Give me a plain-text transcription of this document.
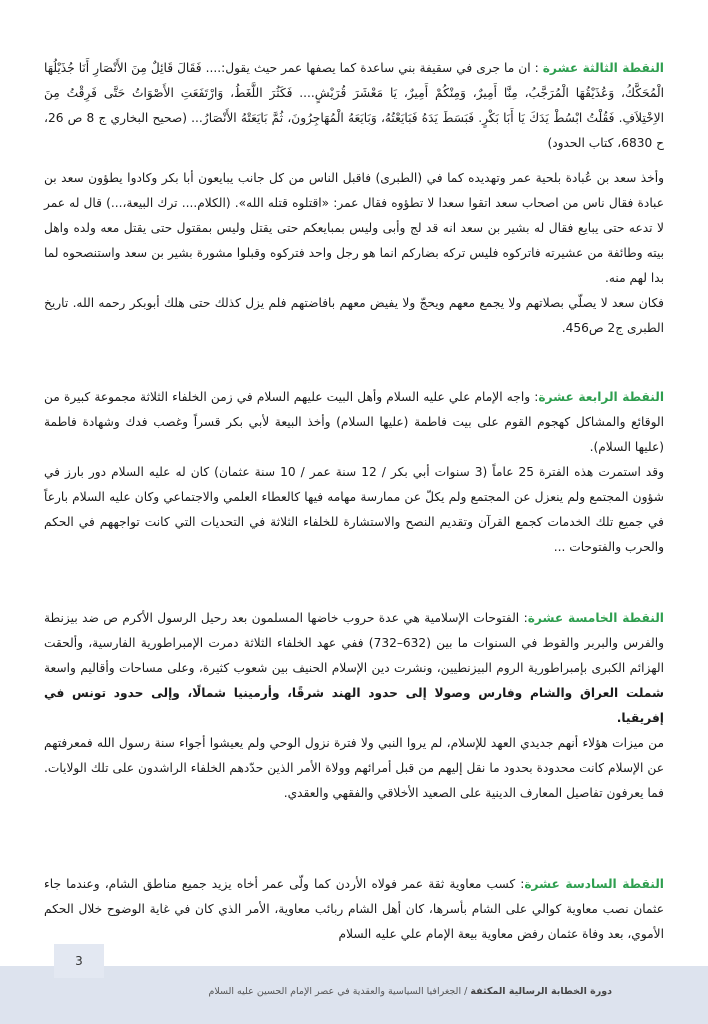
النقطة الثالثة عشرة : ان ما جرى في سقيفة بني ساعدة كما يصفها عمر حيث يقول:.... فَقَالَ قَائِلٌ مِنَ الأَنْصَارِ أَنَا جُذَيْلُهَا الْمُحَكَّكُ، وَعُذَيْقُهَا الْمُرَجَّبُ، مِنَّا أَمِيرٌ، وَمِنْكُمْ أَمِيرٌ، يَا مَعْشَرَ قُرَيْشٍ.... فَكَثُرَ اللَّغَطُ، وَارْتَفَعَتِ الأَصْوَاتُ حَتَّى فَرِقْتُ مِنَ الاِخْتِلاَفِ. فَقُلْتُ ابْسُطْ يَدَكَ يَا أَبَا بَكْرٍ. فَبَسَطَ يَدَهُ فَبَايَعْتُهُ، وَبَايَعَهُ الْمُهَاجِرُونَ، ثُمَّ بَايَعَتْهُ الأَنْصَارُ... (صحيح البخاري ج 8 ص 26، ح 6830، كتاب الحدود)

وأخذ سعد بن عُبادة بلحية عمر وتهديده كما في (الطبرى) فاقبل الناس من كل جانب يبايعون أبا بكر وكادوا يطؤون سعد بن عبادة فقال ناس من اصحاب سعد اتقوا سعدا لا تطؤوه فقال عمر: «اقتلوه قتله الله». (الكلام.... ترك البيعة،...) قال له عمر لا تدعه حتى يبايع فقال له بشير بن سعد انه قد لج وأبى وليس بمبايعكم حتى يقتل وليس بمقتول حتى يقتل معه ولده واهل بيته وطائفة من عشيرته فاتركوه فليس تركه بضاركم انما هو رجل واحد فتركوه وقبلوا مشورة بشير بن سعد واستنصحوه لما بدا لهم منه.

فكان سعد لا يصلّي بصلاتهم ولا يجمع معهم ويحجّ ولا يفيض معهم بافاضتهم فلم يزل كذلك حتى هلك أبوبكر رحمه الله. تاريخ الطبرى ج2 ص456.

النقطة الرابعة عشرة: واجه الإمام علي عليه السلام وأهل البيت عليهم السلام في زمن الخلفاء الثلاثة مجموعة كبيرة من الوقائع والمشاكل كهجوم القوم على بيت فاطمة (عليها السلام) وأخذ البيعة لأبي بكر قسراً وغصب فدك وشهادة فاطمة (عليها السلام).

وقد استمرت هذه الفترة 25 عاماً (3 سنوات أبي بكر / 12 سنة عمر / 10 سنة عثمان) كان له عليه السلام دور بارز في شؤون المجتمع ولم ينعزل عن المجتمع ولم يكلّ عن ممارسة مهامه فيها كالعطاء العلمي والاجتماعي وكان عليه السلام بارعاً في جميع تلك الخدمات كجمع القرآن وتقديم النصح والاستشارة للخلفاء الثلاثة في التحديات التي كانت تواجههم في الحكم والحرب والفتوحات ...

النقطة الخامسة عشرة: الفتوحات الإسلامية هي عدة حروب خاضها المسلمون بعد رحيل الرسول الأكرم ص ضد بيزنطة والفرس والبربر والقوط في السنوات ما بين (632–732) ففي عهد الخلفاء الثلاثة دمرت الإمبراطورية الفارسية، وألحقت الهزائم الكبرى بإمبراطورية الروم البيزنطيين، ونشرت دين الإسلام الحنيف بين شعوب كثيرة، وعلى مساحات وأقاليم واسعة شملت العراق والشام وفارس وصولا إلى حدود الهند شرقًا، وأرمينيا شمالًا، وإلى حدود تونس في إفريقيا.

من ميزات هؤلاء أنهم جديدي العهد للإسلام، لم يروا النبي ولا فترة نزول الوحي ولم يعيشوا أجواء سنة رسول الله فمعرفتهم عن الإسلام كانت محدودة بحدود ما نقل إليهم من قبل أمرائهم وولاة الأمر الذين حدّدهم الخلفاء الراشدون على تلك الولايات. فما يعرفون تفاصيل المعارف الدينية على الصعيد الأخلاقي والفقهي والعقدي.

النقطة السادسة عشرة: كسب معاوية ثقة عمر فولاه الأردن كما ولّى عمر أخاه يزيد جميع مناطق الشام، وعندما جاء عثمان نصب معاوية كوالي على الشام بأسرها، كان أهل الشام ربائب معاوية، الأمر الذي كان في غاية الوضوح خلال الحكم الأموي، بعد وفاة عثمان رفض معاوية بيعة الإمام علي عليه السلام

3
دورة الخطابة الرسالية المكثفة / الجغرافيا السياسية والعقدية في عصر الإمام الحسين عليه السلام
